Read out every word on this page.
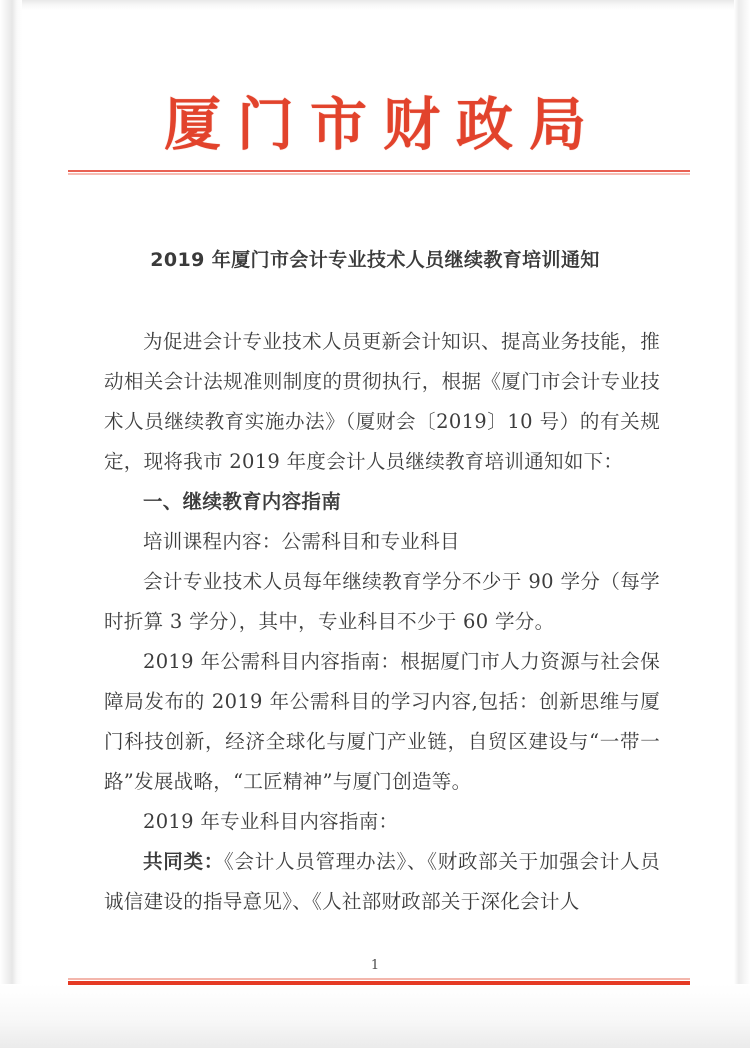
厦门市财政局
2019 年厦门市会计专业技术人员继续教育培训通知

为促进会计专业技术人员更新会计知识、提高业务技能，推动相关会计法规准则制度的贯彻执行，根据《厦门市会计专业技术人员继续教育实施办法》（厦财会〔2019〕10 号）的有关规定，现将我市 2019 年度会计人员继续教育培训通知如下：

一、继续教育内容指南

培训课程内容：公需科目和专业科目

会计专业技术人员每年继续教育学分不少于 90 学分（每学时折算 3 学分），其中，专业科目不少于 60 学分。

2019 年公需科目内容指南：根据厦门市人力资源与社会保障局发布的 2019 年公需科目的学习内容,包括：创新思维与厦门科技创新，经济全球化与厦门产业链，自贸区建设与“一带一路”发展战略，“工匠精神”与厦门创造等。

2019 年专业科目内容指南：

共同类：《会计人员管理办法》、《财政部关于加强会计人员诚信建设的指导意见》、《人社部财政部关于深化会计人

1
